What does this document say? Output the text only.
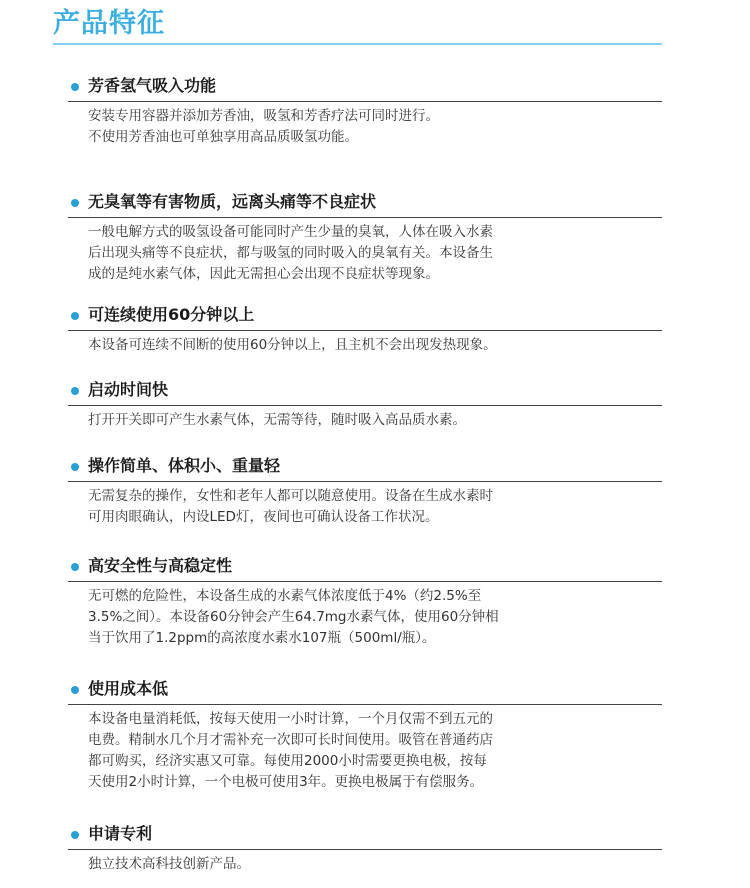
产品特征
芳香氢气吸入功能

安装专用容器并添加芳香油，吸氢和芳香疗法可同时进行。
不使用芳香油也可单独享用高品质吸氢功能。

无臭氧等有害物质，远离头痛等不良症状

一般电解方式的吸氢设备可能同时产生少量的臭氧，人体在吸入水素
后出现头痛等不良症状，都与吸氢的同时吸入的臭氧有关。本设备生
成的是纯水素气体，因此无需担心会出现不良症状等现象。

可连续使用60分钟以上

本设备可连续不间断的使用60分钟以上，且主机不会出现发热现象。

启动时间快

打开开关即可产生水素气体，无需等待，随时吸入高品质水素。

操作简单、体积小、重量轻

无需复杂的操作，女性和老年人都可以随意使用。设备在生成水素时
可用肉眼确认，内设LED灯，夜间也可确认设备工作状况。

高安全性与高稳定性

无可燃的危险性，本设备生成的水素气体浓度低于4%（约2.5%至
3.5%之间）。本设备60分钟会产生64.7mg水素气体，使用60分钟相
当于饮用了1.2ppm的高浓度水素水107瓶（500ml/瓶）。

使用成本低

本设备电量消耗低，按每天使用一小时计算，一个月仅需不到五元的
电费。精制水几个月才需补充一次即可长时间使用。吸管在普通药店
都可购买，经济实惠又可靠。每使用2000小时需要更换电极，按每
天使用2小时计算，一个电极可使用3年。更换电极属于有偿服务。

申请专利

独立技术高科技创新产品。
